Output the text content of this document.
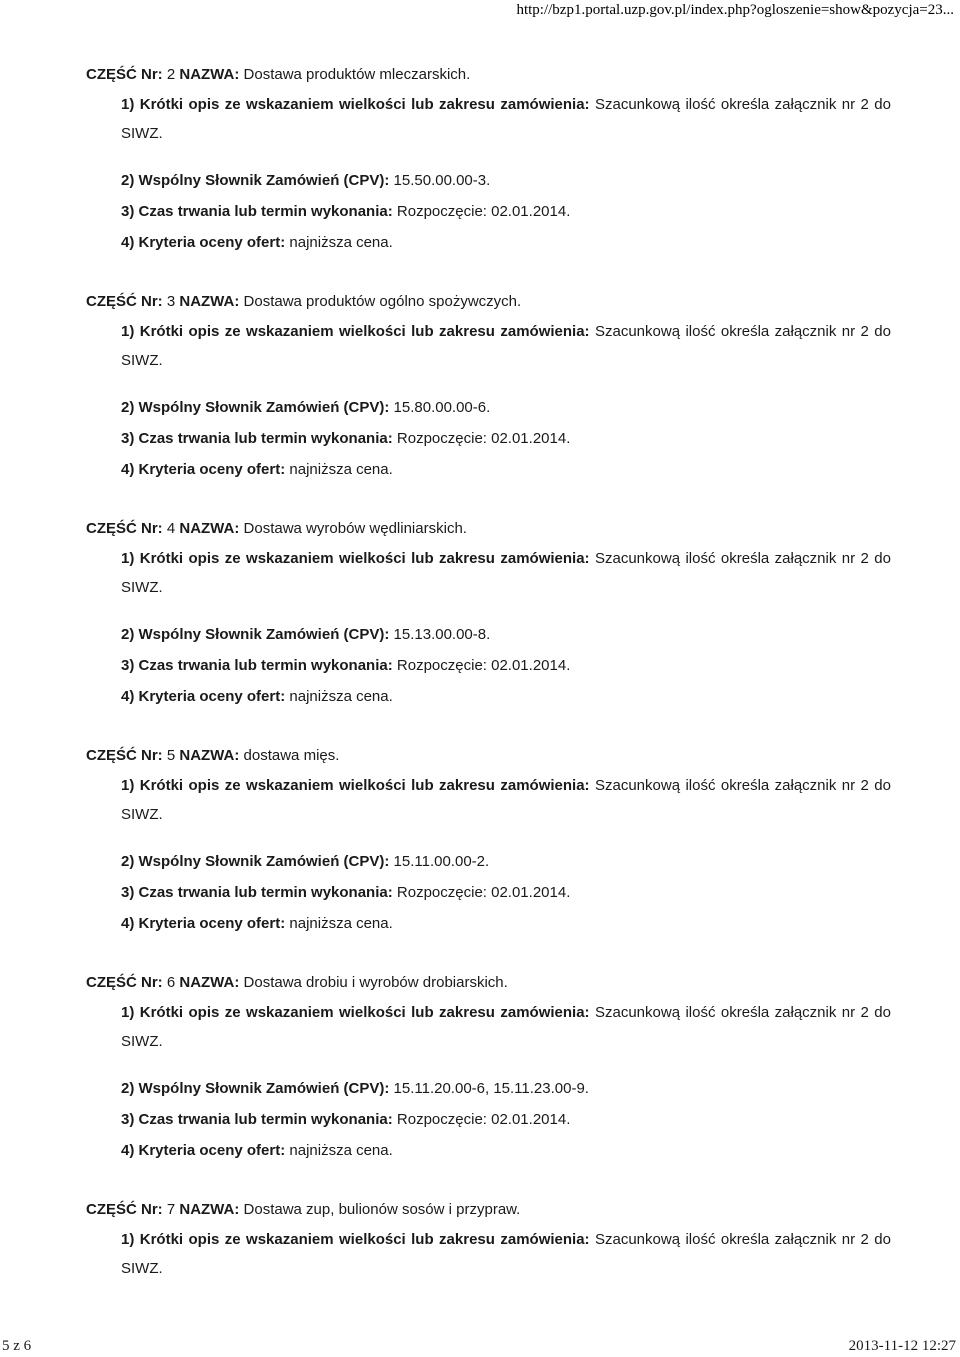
http://bzp1.portal.uzp.gov.pl/index.php?ogloszenie=show&pozycja=23...
CZĘŚĆ Nr: 2 NAZWA: Dostawa produktów mleczarskich.
1) Krótki opis ze wskazaniem wielkości lub zakresu zamówienia: Szacunkową ilość określa załącznik nr 2 do SIWZ.
2) Wspólny Słownik Zamówień (CPV): 15.50.00.00-3.
3) Czas trwania lub termin wykonania: Rozpoczęcie: 02.01.2014.
4) Kryteria oceny ofert: najniższa cena.
CZĘŚĆ Nr: 3 NAZWA: Dostawa produktów ogólno spożywczych.
1) Krótki opis ze wskazaniem wielkości lub zakresu zamówienia: Szacunkową ilość określa załącznik nr 2 do SIWZ.
2) Wspólny Słownik Zamówień (CPV): 15.80.00.00-6.
3) Czas trwania lub termin wykonania: Rozpoczęcie: 02.01.2014.
4) Kryteria oceny ofert: najniższa cena.
CZĘŚĆ Nr: 4 NAZWA: Dostawa wyrobów wędliniarskich.
1) Krótki opis ze wskazaniem wielkości lub zakresu zamówienia: Szacunkową ilość określa załącznik nr 2 do SIWZ.
2) Wspólny Słownik Zamówień (CPV): 15.13.00.00-8.
3) Czas trwania lub termin wykonania: Rozpoczęcie: 02.01.2014.
4) Kryteria oceny ofert: najniższa cena.
CZĘŚĆ Nr: 5 NAZWA: dostawa mięs.
1) Krótki opis ze wskazaniem wielkości lub zakresu zamówienia: Szacunkową ilość określa załącznik nr 2 do SIWZ.
2) Wspólny Słownik Zamówień (CPV): 15.11.00.00-2.
3) Czas trwania lub termin wykonania: Rozpoczęcie: 02.01.2014.
4) Kryteria oceny ofert: najniższa cena.
CZĘŚĆ Nr: 6 NAZWA: Dostawa drobiu i wyrobów drobiarskich.
1) Krótki opis ze wskazaniem wielkości lub zakresu zamówienia: Szacunkową ilość określa załącznik nr 2 do SIWZ.
2) Wspólny Słownik Zamówień (CPV): 15.11.20.00-6, 15.11.23.00-9.
3) Czas trwania lub termin wykonania: Rozpoczęcie: 02.01.2014.
4) Kryteria oceny ofert: najniższa cena.
CZĘŚĆ Nr: 7 NAZWA: Dostawa zup, bulionów sosów i przypraw.
1) Krótki opis ze wskazaniem wielkości lub zakresu zamówienia: Szacunkową ilość określa załącznik nr 2 do SIWZ.
5 z 6	2013-11-12 12:27
